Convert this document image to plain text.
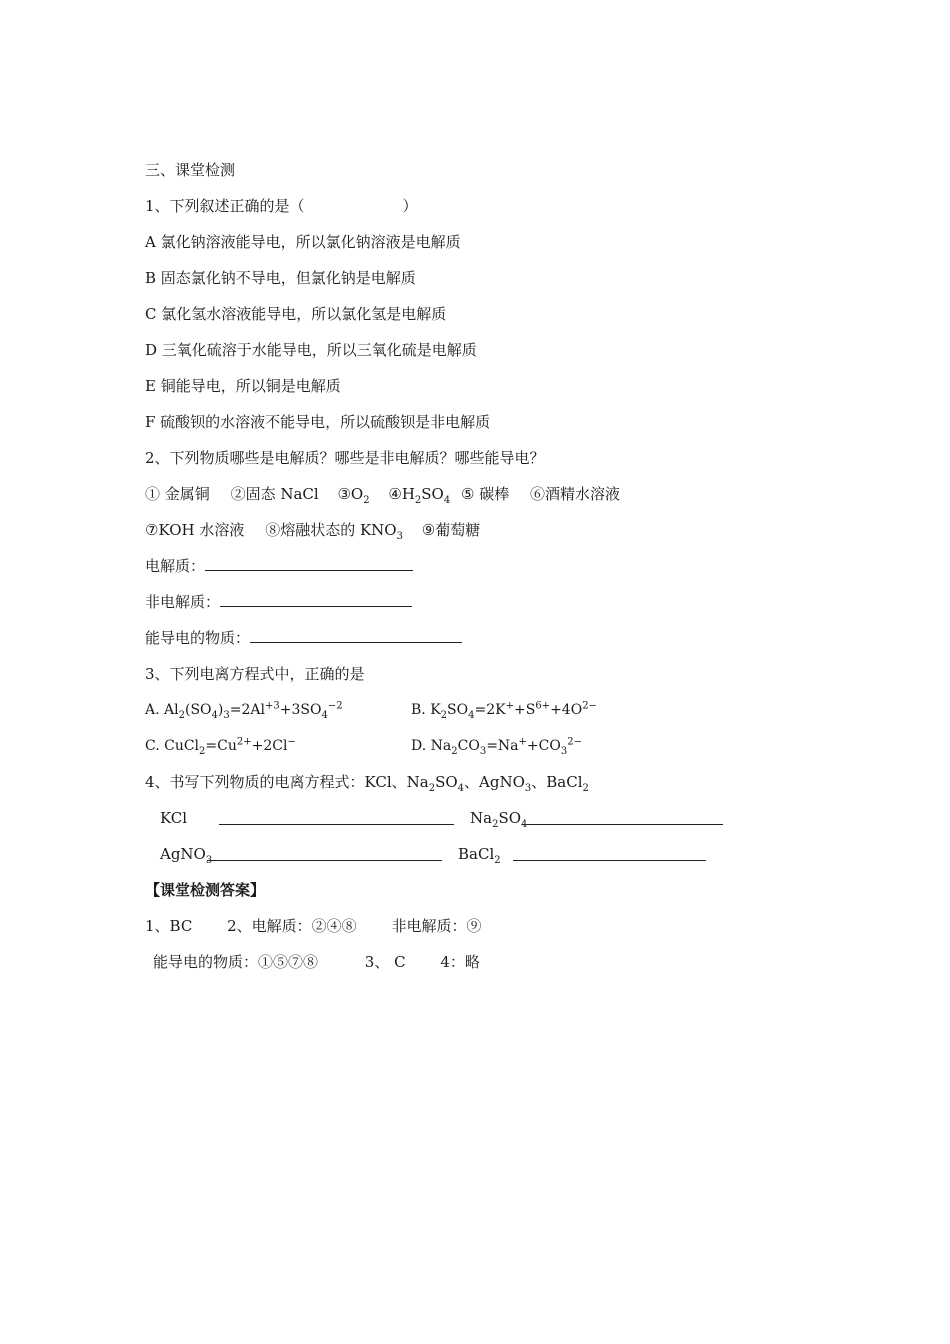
三、课堂检测
1、下列叙述正确的是（	）
A 氯化钠溶液能导电，所以氯化钠溶液是电解质
B 固态氯化钠不导电，但氯化钠是电解质
C 氯化氢水溶液能导电，所以氯化氢是电解质
D 三氧化硫溶于水能导电，所以三氧化硫是电解质
E 铜能导电，所以铜是电解质
F 硫酸钡的水溶液不能导电，所以硫酸钡是非电解质
2、下列物质哪些是电解质？哪些是非电解质？哪些能导电？
① 金属铜 ②固态 NaCl $③O_2$ $④H_2SO_4$ ⑤ 碳棒 ⑥酒精水溶液
⑦KOH 水溶液 ⑧熔融状态的 $KNO_3$ ⑨葡萄糖
电解质：
非电解质：
能导电的物质：
3、下列电离方程式中，正确的是
A. $Al_2(SO_4)_3=2Al^{+3}+3SO_4^{-2}$	B. $K_2SO_4=2K^++S^{6+}+4O^{2-}$
C. $CuCl_2=Cu^{2+}+2Cl^-$	D. $Na_2CO_3=Na^++CO_3^{2-}$
4、书写下列物质的电离方程式：KCl、$Na_2SO_4$、AgNO$_3$、BaCl$_2$
KCl	$Na_2SO_4$
AgNO$_3$	BaCl$_2$
【课堂检测答案】
1、BC 2、电解质：②④⑧ 非电解质：⑨
能导电的物质：①⑤⑦⑧	3、 C 4：略
